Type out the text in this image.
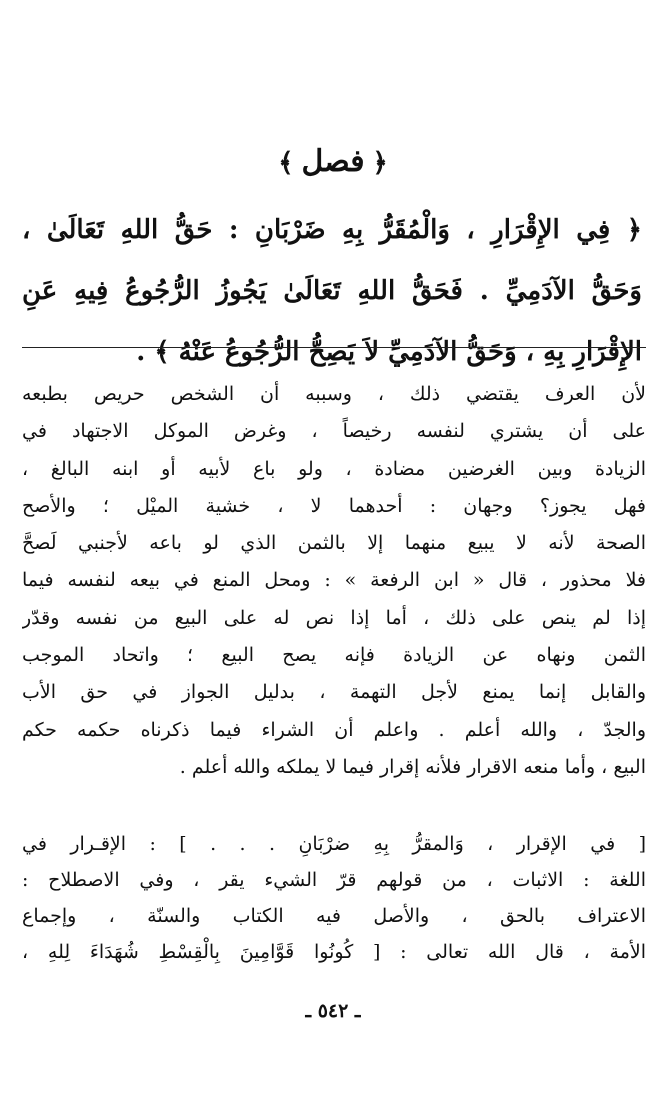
﴿فصل﴾
﴿ فِي الإِقْرَارِ ، وَالْمُقَرُّ بِهِ ضَرْبَانِ : حَقُّ اللهِ تَعَالَىٰ ،
وَحَقُّ الآدَمِيِّ . فَحَقُّ اللهِ تَعَالَىٰ يَجُوزُ الرُّجُوعُ فِيهِ عَنِ
الإِقْرَارِ بِهِ ، وَحَقُّ الآدَمِيِّ لاَ يَصِحُّ الرُّجُوعُ عَنْهُ ﴾ .
لأن العرف يقتضي ذلك ، وسببه أن الشخص حريص بطبعه
على أن يشتري لنفسه رخيصاً ، وغرض الموكل الاجتهاد في
الزيادة وبين الغرضين مضادة ، ولو باع لأبيه أو ابنه البالغ ،
فهل يجوز؟ وجهان : أحدهما لا ، خشية الميْل ؛ والأصح
الصحة لأنه لا يبيع منهما إلا بالثمن الذي لو باعه لأجنبي لَصحَّ
فلا محذور ، قال « ابن الرفعة » : ومحل المنع في بيعه لنفسه فيما
إذا لم ينص على ذلك ، أما إذا نص له على البيع من نفسه وقدّر
الثمن ونهاه عن الزيادة فإنه يصح البيع ؛ واتحاد الموجب
والقابل إنما يمنع لأجل التهمة ، بدليل الجواز في حق الأب
والجدّ ، والله أعلم . واعلم أن الشراء فيما ذكرناه حكمه حكم
البيع ، وأما منعه الاقرار فلأنه إقرار فيما لا يملكه والله أعلم .
[ في الإقرار ، وَالمقرُّ بِهِ ضرْبَانِ . . . ] : الإقـرار في
اللغة : الاثبات ، من قولهم قرّ الشيء يقر ، وفي الاصطلاح :
الاعتراف بالحق ، والأصل فيه الكتاب والسنّة ، وإجماع
الأمة ، قال الله تعالى : [ كُونُوا قَوَّامِينَ بِالْقِسْطِ شُهَدَاءَ لِلهِ ،
ـ ٥٤٢ ـ
